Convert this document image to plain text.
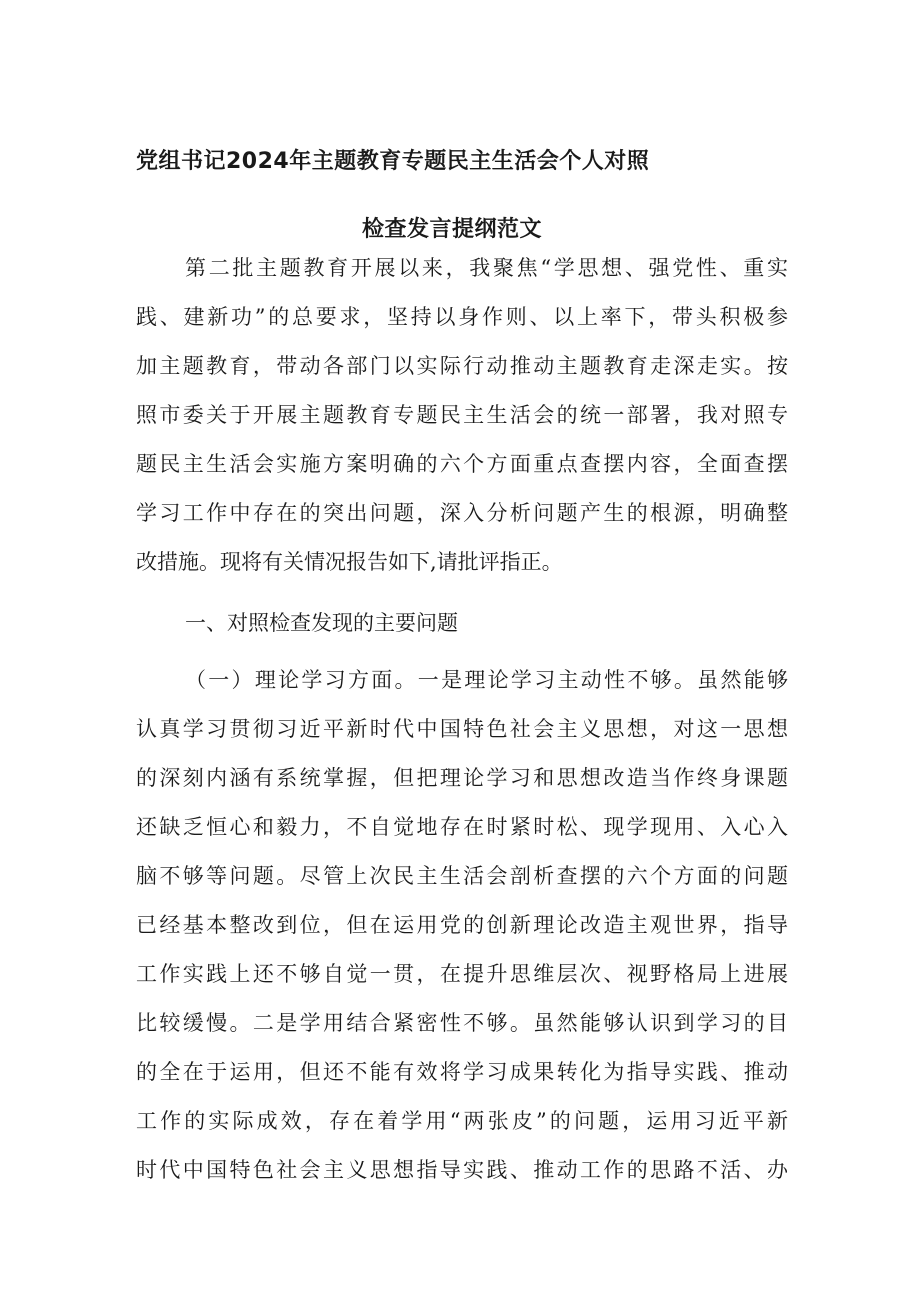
党组书记2024年主题教育专题民主生活会个人对照
检查发言提纲范文
第二批主题教育开展以来，我聚焦“学思想、强党性、重实
践、建新功”的总要求，坚持以身作则、以上率下，带头积极参
加主题教育，带动各部门以实际行动推动主题教育走深走实。按
照市委关于开展主题教育专题民主生活会的统一部署，我对照专
题民主生活会实施方案明确的六个方面重点查摆内容，全面查摆
学习工作中存在的突出问题，深入分析问题产生的根源，明确整
改措施。现将有关情况报告如下,请批评指正。
一、对照检查发现的主要问题
（一）理论学习方面。一是理论学习主动性不够。虽然能够
认真学习贯彻习近平新时代中国特色社会主义思想，对这一思想
的深刻内涵有系统掌握，但把理论学习和思想改造当作终身课题
还缺乏恒心和毅力，不自觉地存在时紧时松、现学现用、入心入
脑不够等问题。尽管上次民主生活会剖析查摆的六个方面的问题
已经基本整改到位，但在运用党的创新理论改造主观世界，指导
工作实践上还不够自觉一贯，在提升思维层次、视野格局上进展
比较缓慢。二是学用结合紧密性不够。虽然能够认识到学习的目
的全在于运用，但还不能有效将学习成果转化为指导实践、推动
工作的实际成效，存在着学用“两张皮”的问题，运用习近平新
时代中国特色社会主义思想指导实践、推动工作的思路不活、办
